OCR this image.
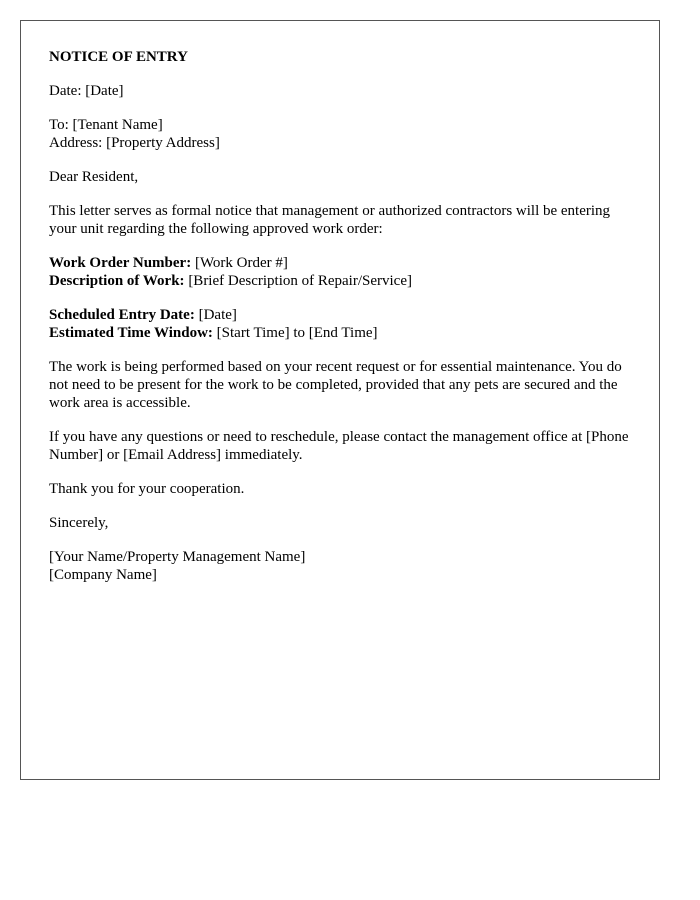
NOTICE OF ENTRY

Date: [Date]

To: [Tenant Name]
Address: [Property Address]

Dear Resident,

This letter serves as formal notice that management or authorized contractors will be entering your unit regarding the following approved work order:

Work Order Number: [Work Order #]
Description of Work: [Brief Description of Repair/Service]

Scheduled Entry Date: [Date]
Estimated Time Window: [Start Time] to [End Time]

The work is being performed based on your recent request or for essential maintenance. You do not need to be present for the work to be completed, provided that any pets are secured and the work area is accessible.

If you have any questions or need to reschedule, please contact the management office at [Phone Number] or [Email Address] immediately.

Thank you for your cooperation.

Sincerely,

[Your Name/Property Management Name]
[Company Name]
